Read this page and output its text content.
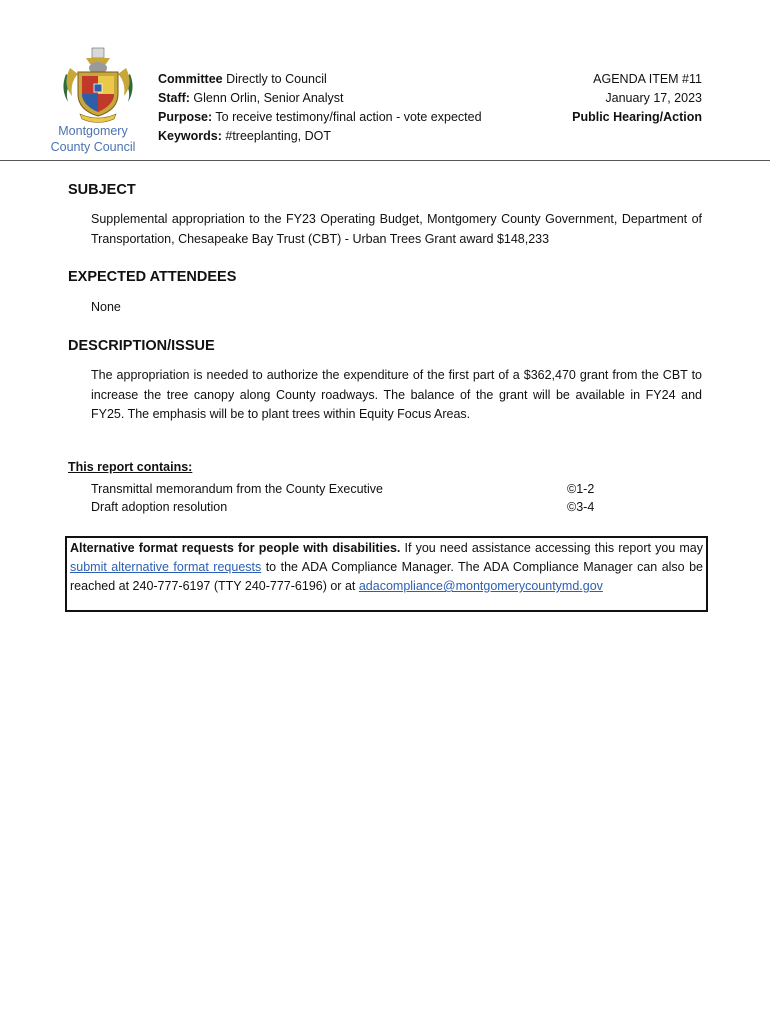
Montgomery
County Council
Committee Directly to Council
Staff: Glenn Orlin, Senior Analyst
Purpose: To receive testimony/final action - vote expected
Keywords: #treeplanting, DOT
AGENDA ITEM #11
January 17, 2023
Public Hearing/Action
SUBJECT
Supplemental appropriation to the FY23 Operating Budget, Montgomery County Government, Department of Transportation, Chesapeake Bay Trust (CBT) - Urban Trees Grant award $148,233
EXPECTED ATTENDEES
None
DESCRIPTION/ISSUE
The appropriation is needed to authorize the expenditure of the first part of a $362,470 grant from the CBT to increase the tree canopy along County roadways. The balance of the grant will be available in FY24 and FY25. The emphasis will be to plant trees within Equity Focus Areas.
This report contains:
Transmittal memorandum from the County Executive	©1-2
Draft adoption resolution	©3-4
Alternative format requests for people with disabilities. If you need assistance accessing this report you may submit alternative format requests to the ADA Compliance Manager. The ADA Compliance Manager can also be reached at 240-777-6197 (TTY 240-777-6196) or at adacompliance@montgomerycountymd.gov
